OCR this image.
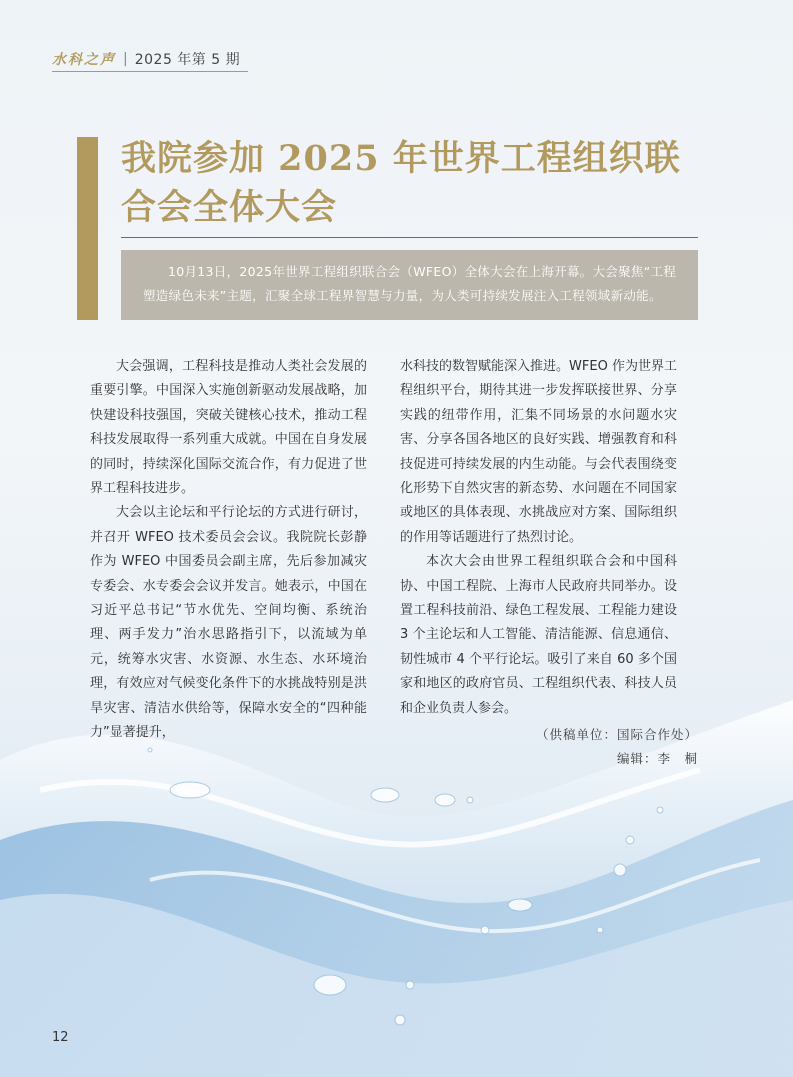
水科之声 | 2025 年第 5 期
我院参加 2025 年世界工程组织联
合会全体大会
10月13日，2025年世界工程组织联合会（WFEO）全体大会在上海开幕。大会聚焦“工程塑造绿色未来”主题，汇聚全球工程界智慧与力量，为人类可持续发展注入工程领域新动能。

大会强调，工程科技是推动人类社会发展的重要引擎。中国深入实施创新驱动发展战略，加快建设科技强国，突破关键核心技术，推动工程科技发展取得一系列重大成就。中国在自身发展的同时，持续深化国际交流合作，有力促进了世界工程科技进步。

大会以主论坛和平行论坛的方式进行研讨，并召开 WFEO 技术委员会会议。我院院长彭静作为 WFEO 中国委员会副主席，先后参加减灾专委会、水专委会会议并发言。她表示，中国在习近平总书记“节水优先、空间均衡、系统治理、两手发力”治水思路指引下，以流域为单元，统筹水灾害、水资源、水生态、水环境治理，有效应对气候变化条件下的水挑战特别是洪旱灾害、清洁水供给等，保障水安全的“四种能力”显著提升，

水科技的数智赋能深入推进。WFEO 作为世界工程组织平台，期待其进一步发挥联接世界、分享实践的纽带作用，汇集不同场景的水问题水灾害、分享各国各地区的良好实践、增强教育和科技促进可持续发展的内生动能。与会代表围绕变化形势下自然灾害的新态势、水问题在不同国家或地区的具体表现、水挑战应对方案、国际组织的作用等话题进行了热烈讨论。

本次大会由世界工程组织联合会和中国科协、中国工程院、上海市人民政府共同举办。设置工程科技前沿、绿色工程发展、工程能力建设 3 个主论坛和人工智能、清洁能源、信息通信、韧性城市 4 个平行论坛。吸引了来自 60 多个国家和地区的政府官员、工程组织代表、科技人员和企业负责人参会。

（供稿单位：国际合作处）
编辑：李　桐
12
